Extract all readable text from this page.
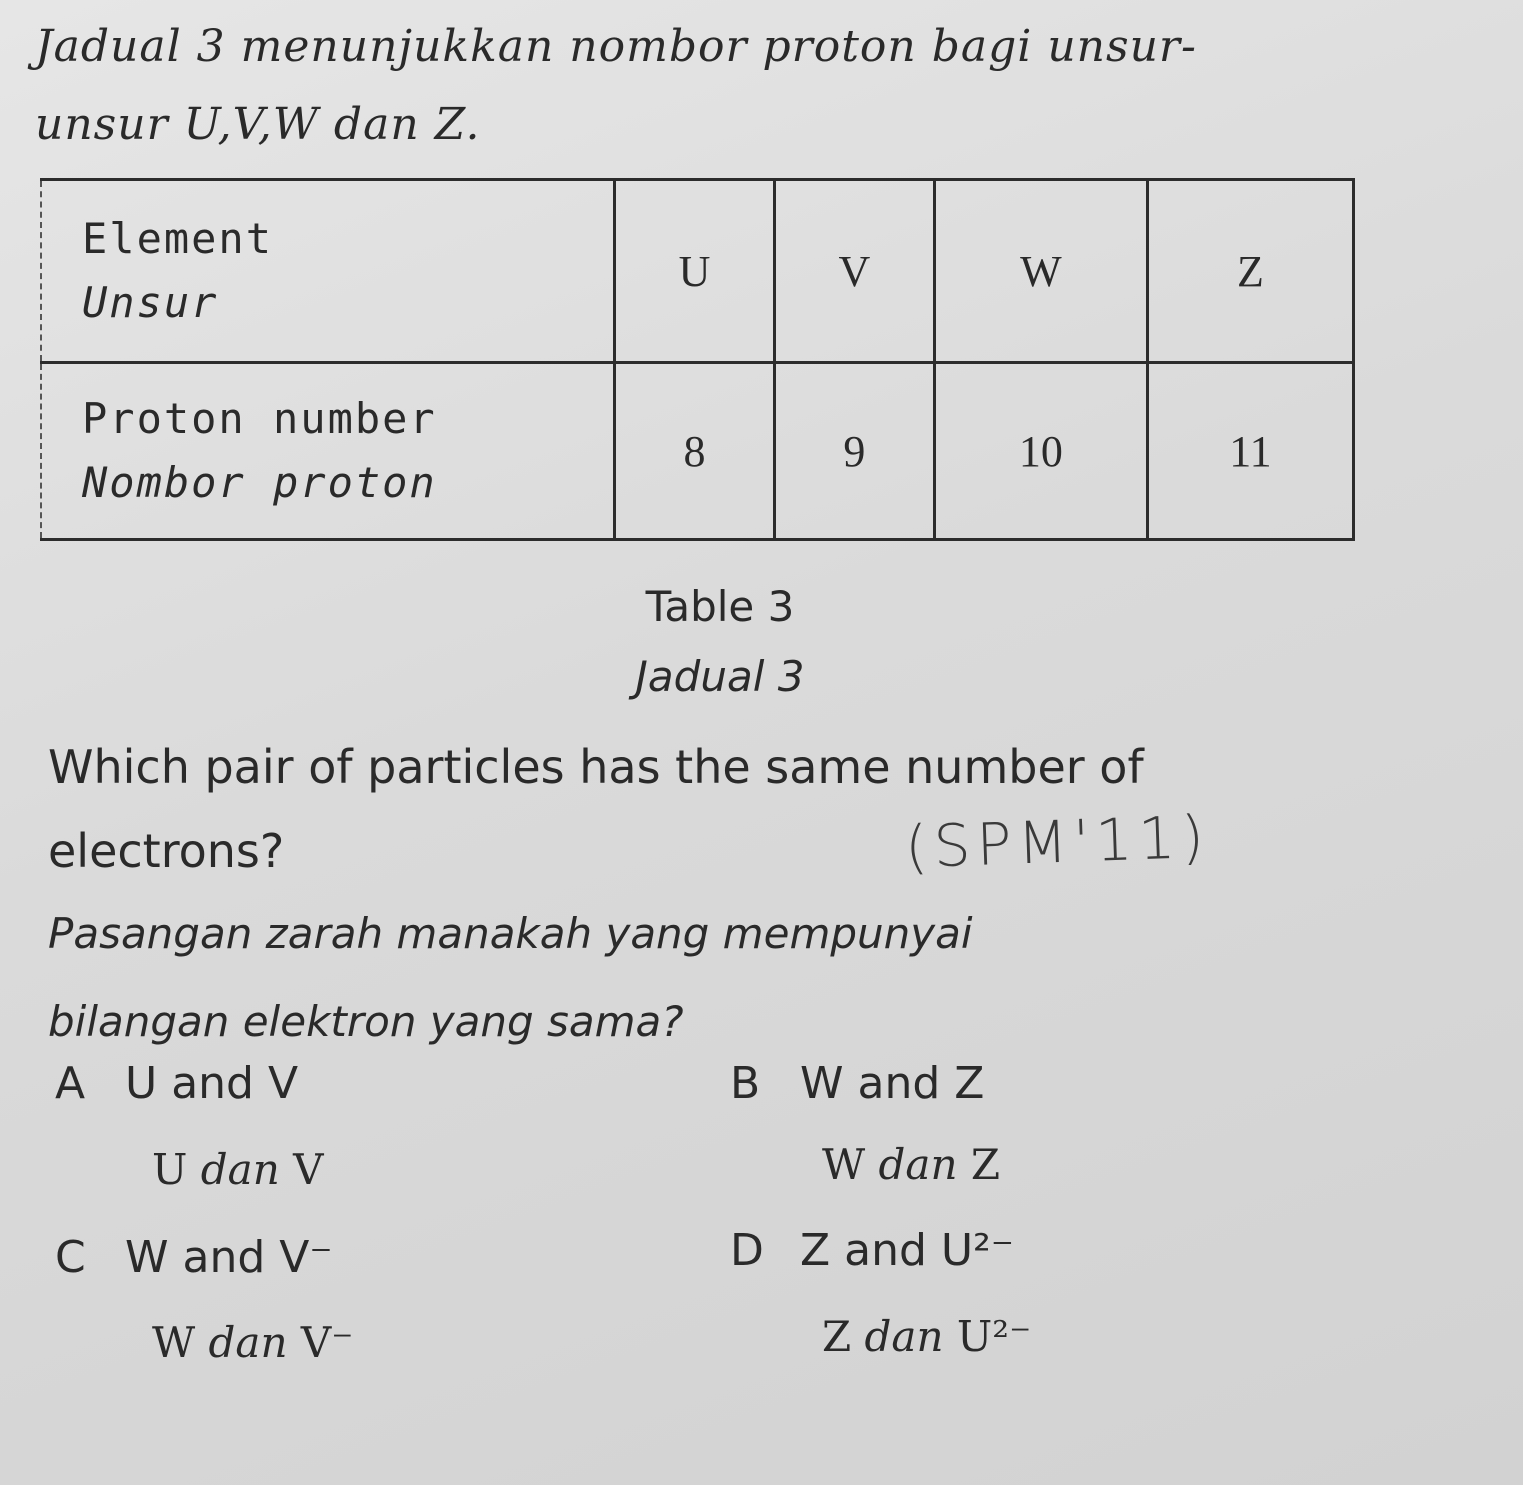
Jadual 3 menunjukkan nombor proton bagi unsur-
unsur U,V,W dan Z.
Element
Unsur	U	V	W	Z

Proton number
Nombor proton	8	9	10	11
Table 3
Jadual 3
Which pair of particles has the same number of
electrons?	(SPM'11)
Pasangan zarah manakah yang mempunyai
bilangan elektron yang sama?
A U and V
U dan V
B W and Z
W dan Z
C W and V⁻
W dan V⁻
D Z and U²⁻
Z dan U²⁻
